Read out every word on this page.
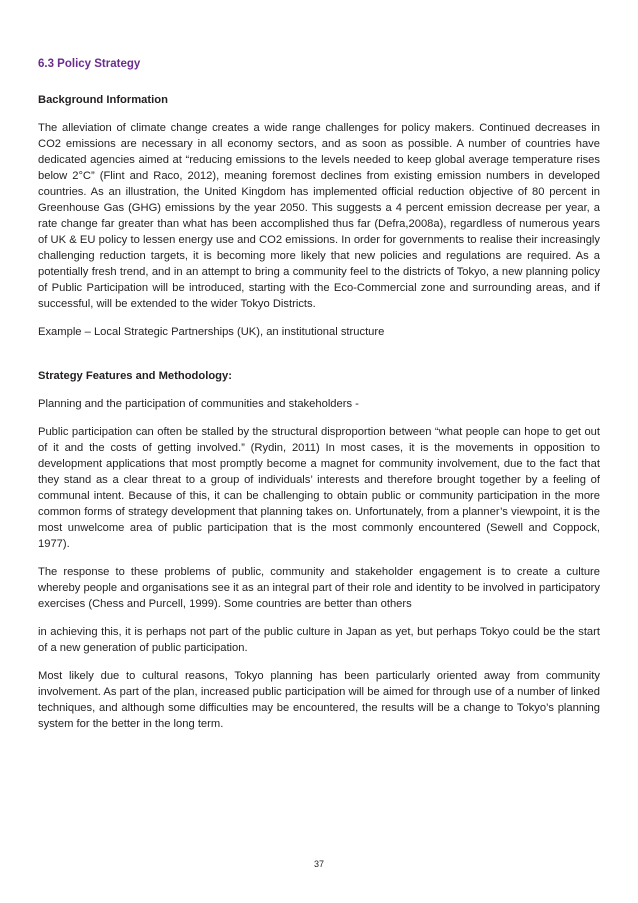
6.3 Policy Strategy
Background Information

The alleviation of climate change creates a wide range challenges for policy makers. Continued decreases in CO2 emissions are necessary in all economy sectors, and as soon as possible. A number of countries have dedicated agencies aimed at “reducing emissions to the levels needed to keep global average temperature rises below 2°C” (Flint and Raco, 2012), meaning foremost declines from existing emission numbers in developed countries. As an illustration, the United Kingdom has implemented official reduction objective of 80 percent in Greenhouse Gas (GHG) emissions by the year 2050. This suggests a 4 percent emission decrease per year, a rate change far greater than what has been accomplished thus far (Defra,2008a), regardless of numerous years of UK & EU policy to lessen energy use and CO2 emissions. In order for governments to realise their increasingly challenging reduction targets, it is becoming more likely that new policies and regulations are required. As a potentially fresh trend, and in an attempt to bring a community feel to the districts of Tokyo, a new planning policy of Public Participation will be introduced, starting with the Eco-Commercial zone and surrounding areas, and if successful, will be extended to the wider Tokyo Districts.

Example – Local Strategic Partnerships (UK), an institutional structure

Strategy Features and Methodology:

Planning and the participation of communities and stakeholders -

Public participation can often be stalled by the structural disproportion between “what people can hope to get out of it and the costs of getting involved.” (Rydin, 2011) In most cases, it is the movements in opposition to development applications that most promptly become a magnet for community involvement, due to the fact that they stand as a clear threat to a group of individuals’ interests and therefore brought together by a feeling of communal intent. Because of this, it can be challenging to obtain public or community participation in the more common forms of strategy development that planning takes on. Unfortunately, from a planner’s viewpoint, it is the most unwelcome area of public participation that is the most commonly encountered (Sewell and Coppock, 1977).

The response to these problems of public, community and stakeholder engagement is to create a culture whereby people and organisations see it as an integral part of their role and identity to be involved in participatory exercises (Chess and Purcell, 1999). Some countries are better than others

in achieving this, it is perhaps not part of the public culture in Japan as yet, but perhaps Tokyo could be the start of a new generation of public participation.

Most likely due to cultural reasons, Tokyo planning has been particularly oriented away from community involvement. As part of the plan, increased public participation will be aimed for through use of a number of linked techniques, and although some difficulties may be encountered, the results will be a change to Tokyo’s planning system for the better in the long term.

37
